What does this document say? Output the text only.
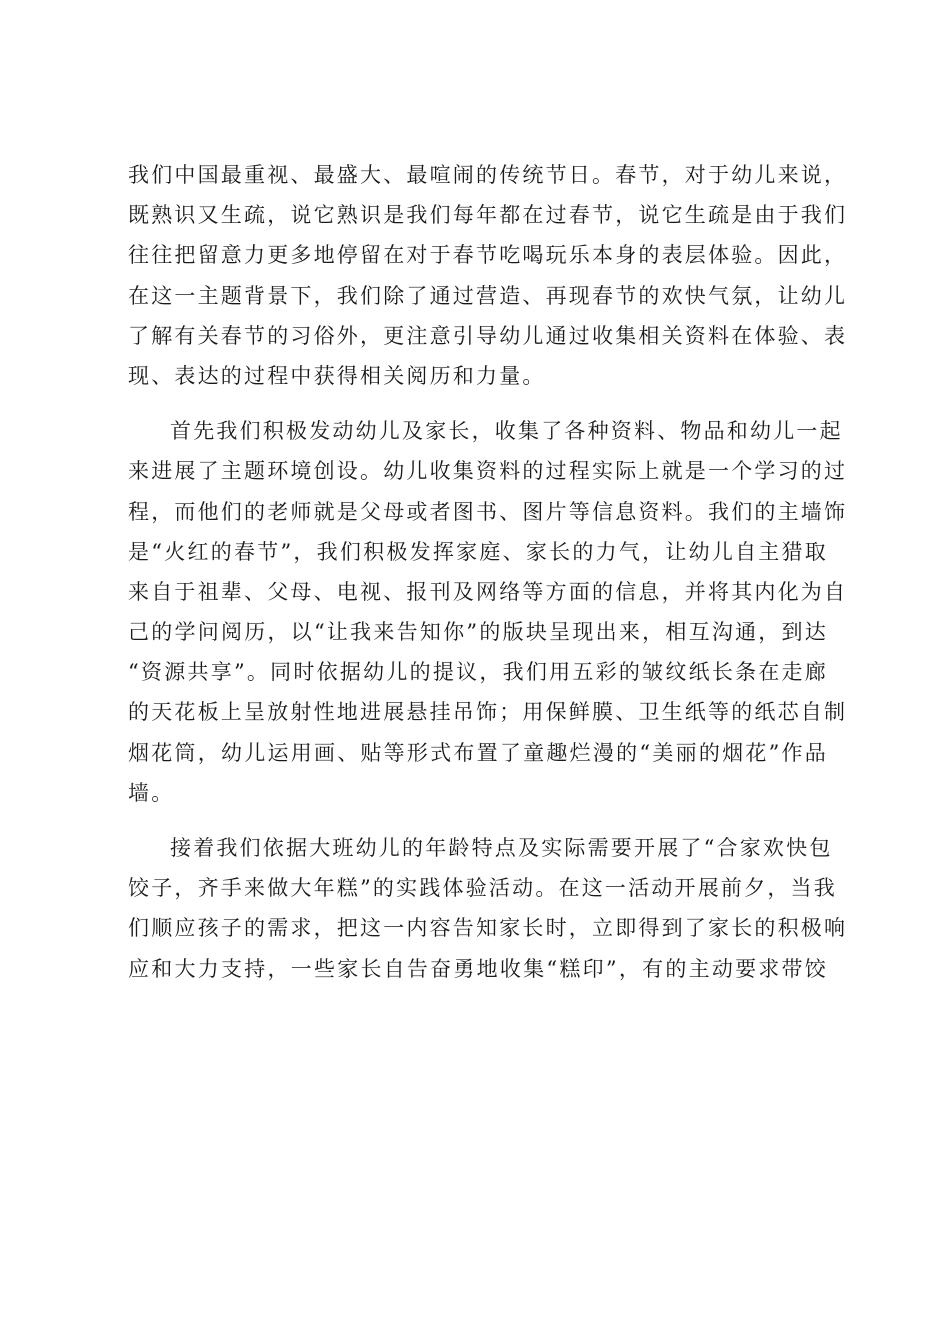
我们中国最重视、最盛大、最喧闹的传统节日。春节，对于幼儿来说，
既熟识又生疏，说它熟识是我们每年都在过春节，说它生疏是由于我们
往往把留意力更多地停留在对于春节吃喝玩乐本身的表层体验。因此，
在这一主题背景下，我们除了通过营造、再现春节的欢快气氛，让幼儿
了解有关春节的习俗外，更注意引导幼儿通过收集相关资料在体验、表
现、表达的过程中获得相关阅历和力量。
首先我们积极发动幼儿及家长，收集了各种资料、物品和幼儿一起
来进展了主题环境创设。幼儿收集资料的过程实际上就是一个学习的过
程，而他们的老师就是父母或者图书、图片等信息资料。我们的主墙饰
是“火红的春节”，我们积极发挥家庭、家长的力气，让幼儿自主猎取
来自于祖辈、父母、电视、报刊及网络等方面的信息，并将其内化为自
己的学问阅历，以“让我来告知你”的版块呈现出来，相互沟通，到达
“资源共享”。同时依据幼儿的提议，我们用五彩的皱纹纸长条在走廊
的天花板上呈放射性地进展悬挂吊饰；用保鲜膜、卫生纸等的纸芯自制
烟花筒，幼儿运用画、贴等形式布置了童趣烂漫的“美丽的烟花”作品
墙。
接着我们依据大班幼儿的年龄特点及实际需要开展了“合家欢快包
饺子，齐手来做大年糕”的实践体验活动。在这一活动开展前夕，当我
们顺应孩子的需求，把这一内容告知家长时，立即得到了家长的积极响
应和大力支持，一些家长自告奋勇地收集“糕印”，有的主动要求带饺
